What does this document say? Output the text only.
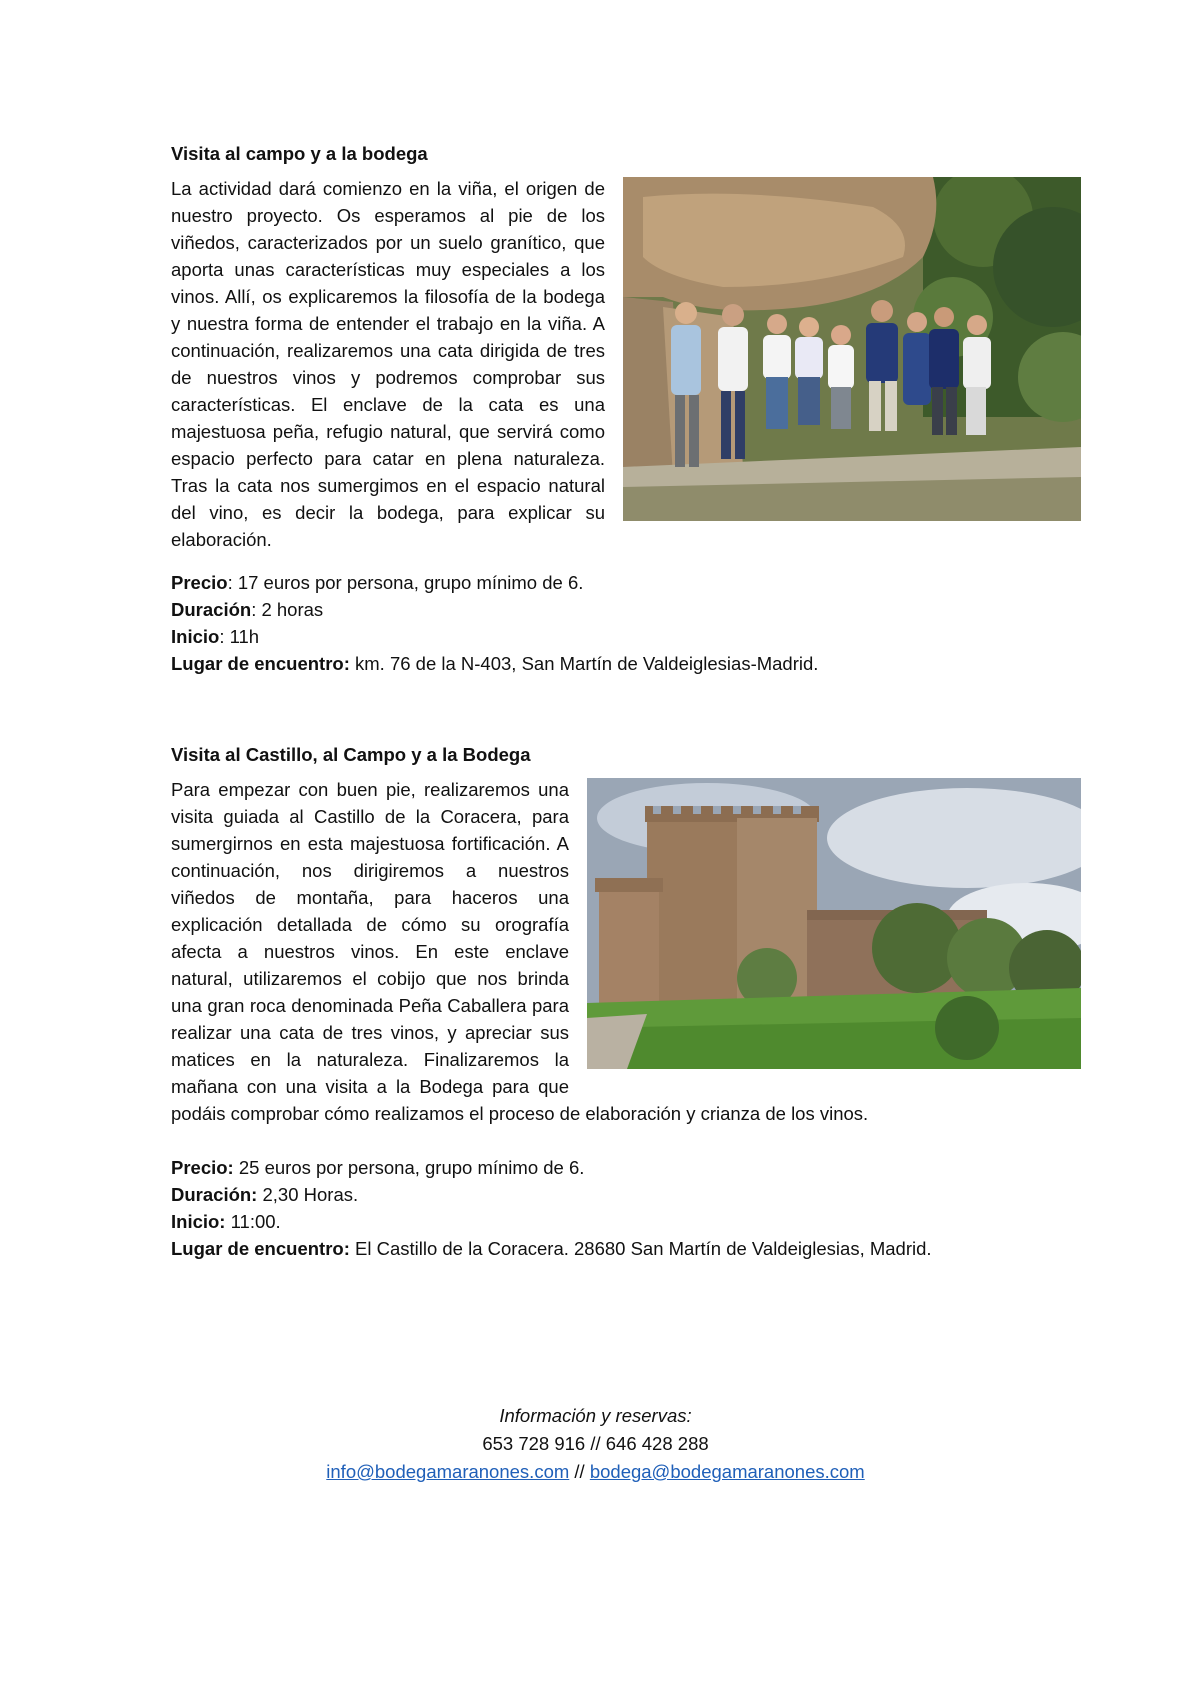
Visita al campo y a la bodega

La actividad dará comienzo en la viña, el origen de nuestro proyecto. Os esperamos al pie de los viñedos, caracterizados por un suelo granítico, que aporta unas características muy especiales a los vinos. Allí, os explicaremos la filosofía de la bodega y nuestra forma de entender el trabajo en la viña. A continuación, realizaremos una cata dirigida de tres de nuestros vinos y podremos comprobar sus características. El enclave de la cata es una majestuosa peña, refugio natural, que servirá como espacio perfecto para catar en plena naturaleza. Tras la cata nos sumergimos en el espacio natural del vino, es decir la bodega, para explicar su elaboración.

Precio: 17 euros por persona, grupo mínimo de 6.
Duración: 2 horas
Inicio: 11h
Lugar de encuentro: km. 76 de la N-403, San Martín de Valdeiglesias-Madrid.
Visita al Castillo, al Campo y a la Bodega

Para empezar con buen pie, realizaremos una visita guiada al Castillo de la Coracera, para sumergirnos en esta majestuosa fortificación. A continuación, nos dirigiremos a nuestros viñedos de montaña, para haceros una explicación detallada de cómo su orografía afecta a nuestros vinos. En este enclave natural, utilizaremos el cobijo que nos brinda una gran roca denominada Peña Caballera para realizar una cata de tres vinos, y apreciar sus matices en la naturaleza. Finalizaremos la mañana con una visita a la Bodega para que podáis comprobar cómo realizamos el proceso de elaboración y crianza de los vinos.

Precio: 25 euros por persona, grupo mínimo de 6.
Duración: 2,30 Horas.
Inicio: 11:00.
Lugar de encuentro: El Castillo de la Coracera. 28680 San Martín de Valdeiglesias, Madrid.
Información y reservas:
653 728 916 // 646 428 288
info@bodegamaranones.com // bodega@bodegamaranones.com
